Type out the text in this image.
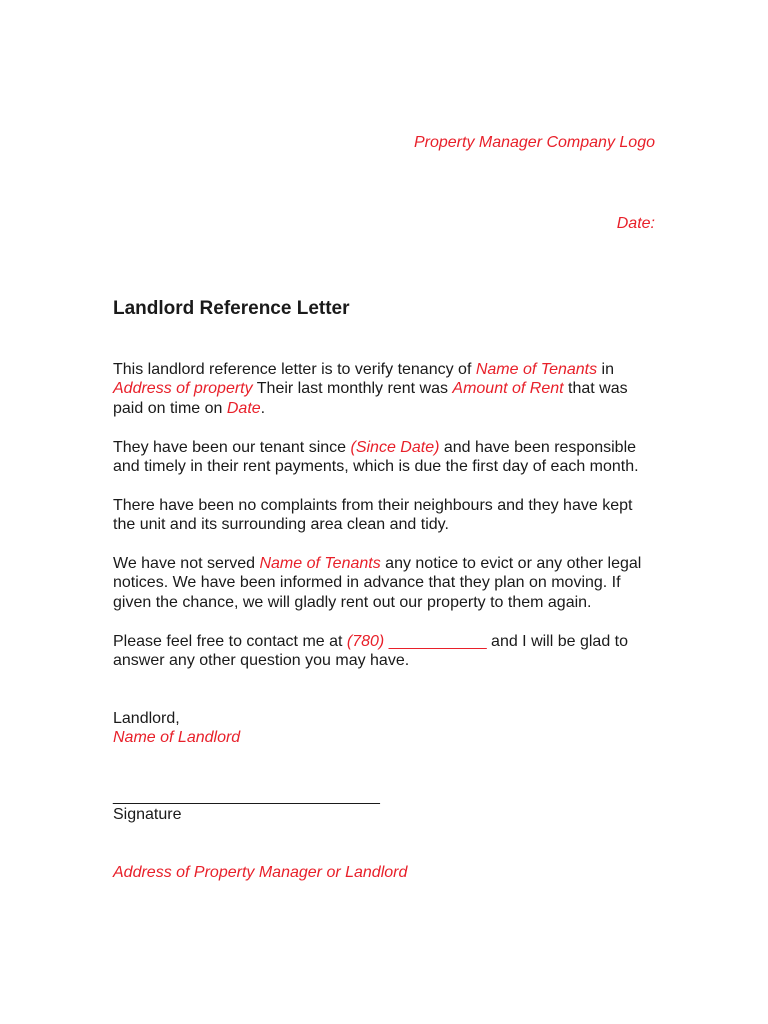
Property Manager Company Logo
Date:
Landlord Reference Letter

This landlord reference letter is to verify tenancy of Name of Tenants in Address of property Their last monthly rent was Amount of Rent that was paid on time on Date.

They have been our tenant since (Since Date) and have been responsible and timely in their rent payments, which is due the first day of each month.

There have been no complaints from their neighbours and they have kept the unit and its surrounding area clean and tidy.

We have not served Name of Tenants any notice to evict or any other legal notices. We have been informed in advance that they plan on moving. If given the chance, we will gladly rent out our property to them again.

Please feel free to contact me at (780) ___________ and I will be glad to answer any other question you may have.

Landlord,
Name of Landlord
______________________________
Signature
Address of Property Manager or Landlord
